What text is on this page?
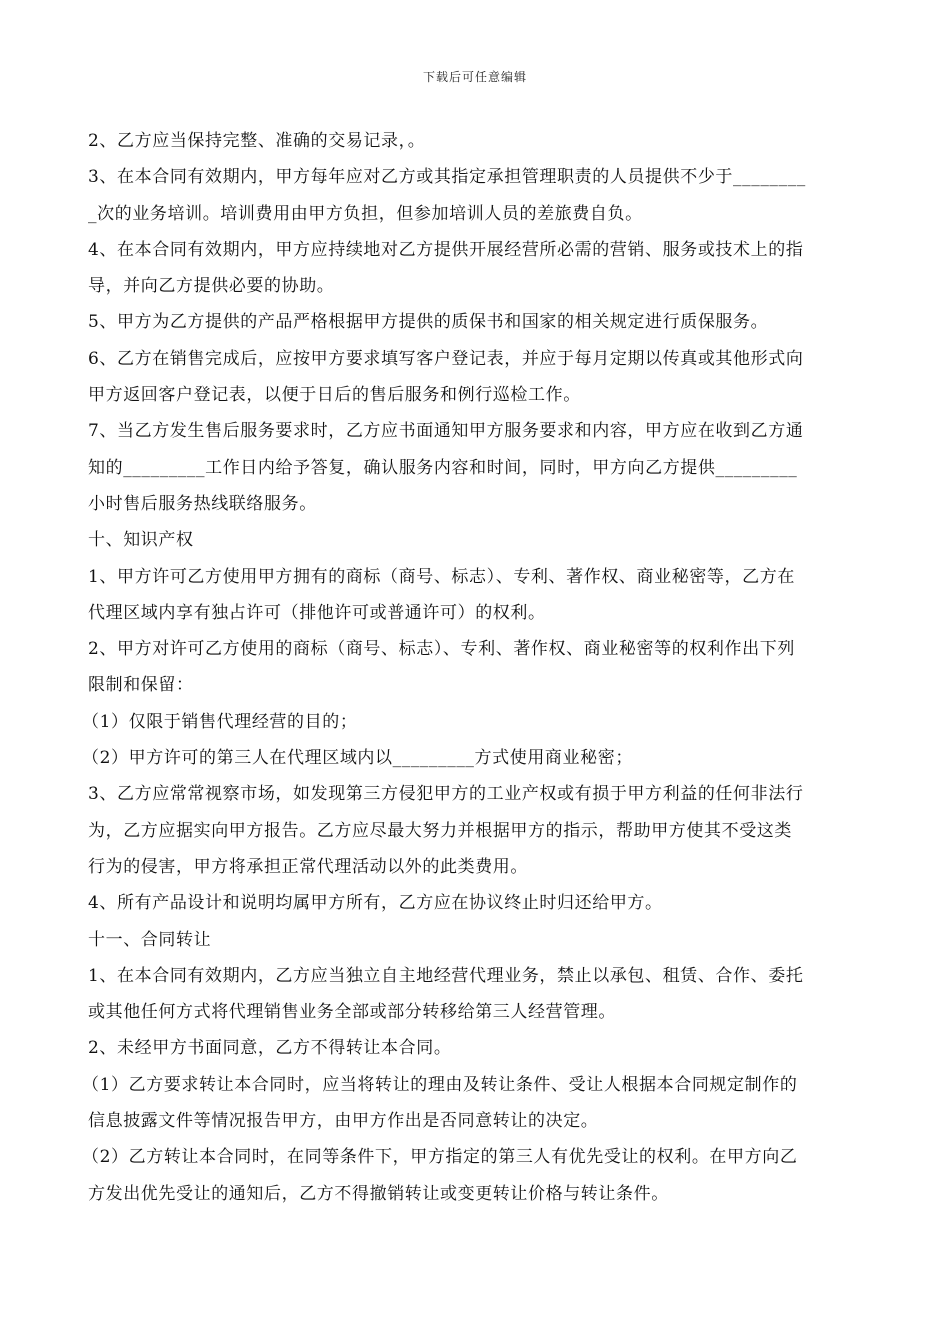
下载后可任意编辑
2、乙方应当保持完整、准确的交易记录，。
3、在本合同有效期内，甲方每年应对乙方或其指定承担管理职责的人员提供不少于________
_次的业务培训。培训费用由甲方负担，但参加培训人员的差旅费自负。
4、在本合同有效期内，甲方应持续地对乙方提供开展经营所必需的营销、服务或技术上的指
导，并向乙方提供必要的协助。
5、甲方为乙方提供的产品严格根据甲方提供的质保书和国家的相关规定进行质保服务。
6、乙方在销售完成后，应按甲方要求填写客户登记表，并应于每月定期以传真或其他形式向
甲方返回客户登记表，以便于日后的售后服务和例行巡检工作。
7、当乙方发生售后服务要求时，乙方应书面通知甲方服务要求和内容，甲方应在收到乙方通
知的_________工作日内给予答复，确认服务内容和时间，同时，甲方向乙方提供_________
小时售后服务热线联络服务。
十、知识产权
1、甲方许可乙方使用甲方拥有的商标（商号、标志）、专利、著作权、商业秘密等，乙方在
代理区域内享有独占许可（排他许可或普通许可）的权利。
2、甲方对许可乙方使用的商标（商号、标志）、专利、著作权、商业秘密等的权利作出下列
限制和保留：
（1）仅限于销售代理经营的目的；
（2）甲方许可的第三人在代理区域内以_________方式使用商业秘密；
3、乙方应常常视察市场，如发现第三方侵犯甲方的工业产权或有损于甲方利益的任何非法行
为，乙方应据实向甲方报告。乙方应尽最大努力并根据甲方的指示，帮助甲方使其不受这类
行为的侵害，甲方将承担正常代理活动以外的此类费用。
4、所有产品设计和说明均属甲方所有，乙方应在协议终止时归还给甲方。
十一、合同转让
1、在本合同有效期内，乙方应当独立自主地经营代理业务，禁止以承包、租赁、合作、委托
或其他任何方式将代理销售业务全部或部分转移给第三人经营管理。
2、未经甲方书面同意，乙方不得转让本合同。
（1）乙方要求转让本合同时，应当将转让的理由及转让条件、受让人根据本合同规定制作的
信息披露文件等情况报告甲方，由甲方作出是否同意转让的决定。
（2）乙方转让本合同时，在同等条件下，甲方指定的第三人有优先受让的权利。在甲方向乙
方发出优先受让的通知后，乙方不得撤销转让或变更转让价格与转让条件。
